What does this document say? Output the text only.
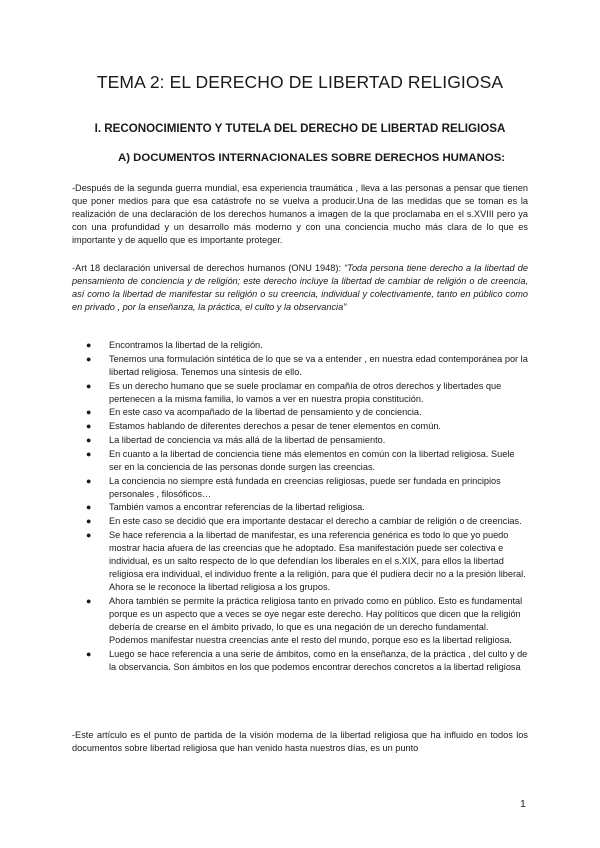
TEMA 2: EL DERECHO DE LIBERTAD RELIGIOSA
I. RECONOCIMIENTO Y TUTELA DEL DERECHO DE LIBERTAD RELIGIOSA
A) DOCUMENTOS INTERNACIONALES SOBRE DERECHOS HUMANOS:
-Después de la segunda guerra mundial, esa experiencia traumática , lleva a las personas a pensar que tienen que poner medios para que esa catástrofe no se vuelva a producir.Una de las medidas que se toman es la realización de una declaración de los derechos humanos a imagen de la que proclamaba en el s.XVIII pero ya con una profundidad y un desarrollo más moderno y con una conciencia mucho más clara de lo que es importante y de aquello que es importante proteger.
-Art 18 declaración universal de derechos humanos (ONU 1948): “Toda persona tiene derecho a la libertad de pensamiento de conciencia y de religión; este derecho incluye la libertad de cambiar de religión o de creencia, así como la libertad de manifestar su religión o su creencia, individual y colectivamente, tanto en público como en privado , por la enseñanza, la práctica, el culto y la observancia”
● Encontramos la libertad de la religión.
● Tenemos una formulación sintética de lo que se va a entender , en nuestra edad contemporánea por la libertad religiosa. Tenemos una síntesis de ello.
● Es un derecho humano que se suele proclamar en compañía de otros derechos y libertades que pertenecen a la misma familia, lo vamos a ver en nuestra propia constitución.
● En este caso va acompañado de la libertad de pensamiento y de conciencia.
● Estamos hablando de diferentes derechos a pesar de tener elementos en común.
● La libertad de conciencia va más allá de la libertad de pensamiento.
● En cuanto a la libertad de conciencia tiene más elementos en común con la libertad religiosa. Suele ser en la conciencia de las personas donde surgen las creencias.
● La conciencia no siempre está fundada en creencias religiosas, puede ser fundada en principios personales , filosóficos…
● También vamos a encontrar referencias de la libertad religiosa.
● En este caso se decidió que era importante destacar el derecho a cambiar de religión o de creencias.
● Se hace referencia a la libertad de manifestar, es una referencia genérica es todo lo que yo puedo mostrar hacia afuera de las creencias que he adoptado. Esa manifestación puede ser colectiva e individual, es un salto respecto de lo que defendían los liberales en el s.XIX, para ellos la libertad religiosa era individual, el individuo frente a la religión, para que él pudiera decir no a la presión liberal. Ahora se le reconoce la libertad religiosa a los grupos.
● Ahora también se permite la práctica religiosa tanto en privado como en público. Esto es fundamental porque es un aspecto que a veces se oye negar este derecho. Hay políticos que dicen que la religión debería de crearse en el ámbito privado, lo que es una negación de un derecho fundamental. Podemos manifestar nuestra creencias ante el resto del mundo, porque eso es la libertad religiosa.
● Luego se hace referencia a una serie de ámbitos, como en la enseñanza, de la práctica , del culto y de la observancia. Son ámbitos en los que podemos encontrar derechos concretos a la libertad religiosa
-Este artículo es el punto de partida de la visión moderna de la libertad religiosa que ha influido en todos los documentos sobre libertad religiosa que han venido hasta nuestros días, es un punto
1
